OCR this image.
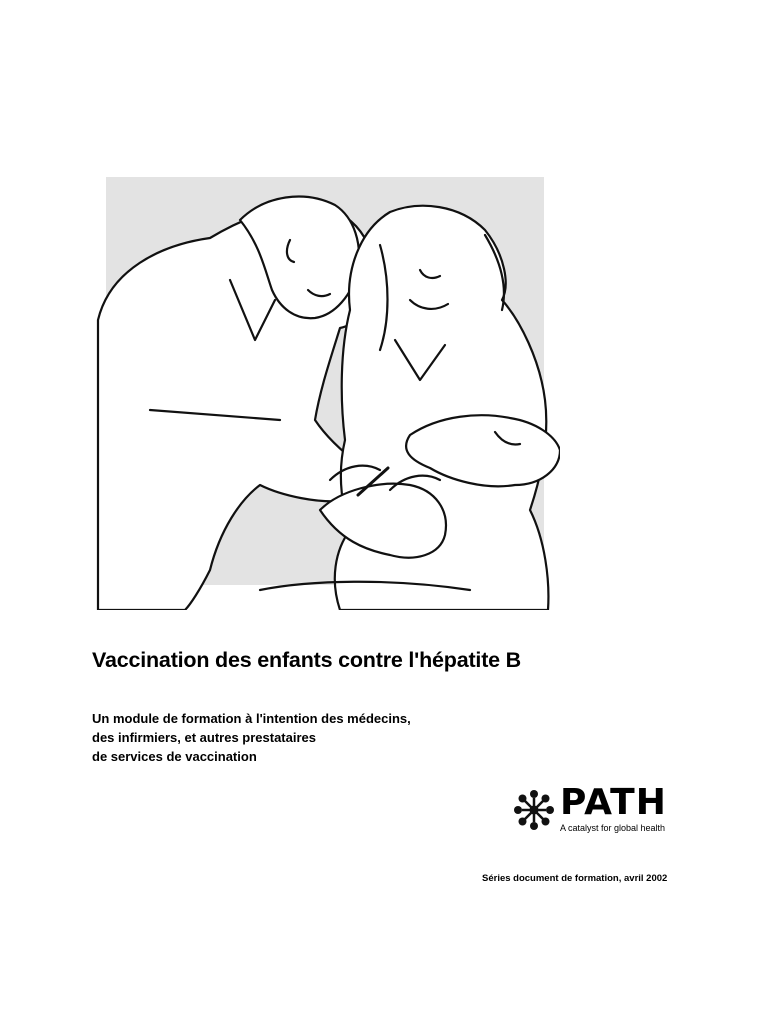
Vaccination des enfants contre l'hépatite B

Un module de formation à l'intention des médecins,
des infirmiers, et autres prestataires
de services de vaccination

PATH
A catalyst for global health
Séries document de formation, avril 2002
